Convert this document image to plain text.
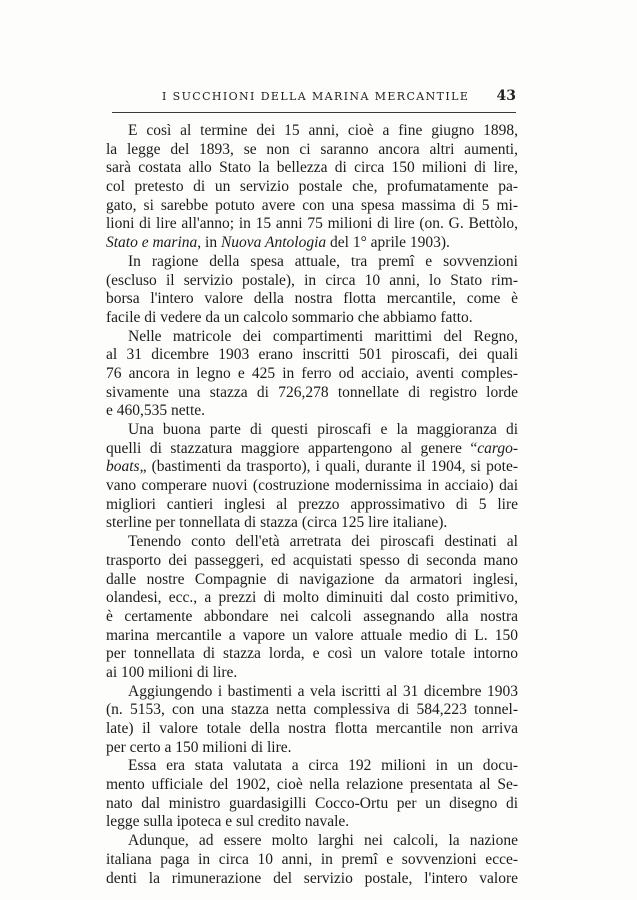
I SUCCHIONI DELLA MARINA MERCANTILE 43
E così al termine dei 15 anni, cioè a fine giugno 1898,
la legge del 1893, se non ci saranno ancora altri aumenti,
sarà costata allo Stato la bellezza di circa 150 milioni di lire,
col pretesto di un servizio postale che, profumatamente pa-
gato, si sarebbe potuto avere con una spesa massima di 5 mi-
lioni di lire all'anno; in 15 anni 75 milioni di lire (on. G. Bettòlo,
Stato e marina, in Nuova Antologia del 1° aprile 1903).
In ragione della spesa attuale, tra premî e sovvenzioni
(escluso il servizio postale), in circa 10 anni, lo Stato rim-
borsa l'intero valore della nostra flotta mercantile, come è
facile di vedere da un calcolo sommario che abbiamo fatto.
Nelle matricole dei compartimenti marittimi del Regno,
al 31 dicembre 1903 erano inscritti 501 piroscafi, dei quali
76 ancora in legno e 425 in ferro od acciaio, aventi comples-
sivamente una stazza di 726,278 tonnellate di registro lorde
e 460,535 nette.
Una buona parte di questi piroscafi e la maggioranza di
quelli di stazzatura maggiore appartengono al genere “cargo-
boats„ (bastimenti da trasporto), i quali, durante il 1904, si pote-
vano comperare nuovi (costruzione modernissima in acciaio) dai
migliori cantieri inglesi al prezzo approssimativo di 5 lire
sterline per tonnellata di stazza (circa 125 lire italiane).
Tenendo conto dell'età arretrata dei piroscafi destinati al
trasporto dei passeggeri, ed acquistati spesso di seconda mano
dalle nostre Compagnie di navigazione da armatori inglesi,
olandesi, ecc., a prezzi di molto diminuiti dal costo primitivo,
è certamente abbondare nei calcoli assegnando alla nostra
marina mercantile a vapore un valore attuale medio di L. 150
per tonnellata di stazza lorda, e così un valore totale intorno
ai 100 milioni di lire.
Aggiungendo i bastimenti a vela iscritti al 31 dicembre 1903
(n. 5153, con una stazza netta complessiva di 584,223 tonnel-
late) il valore totale della nostra flotta mercantile non arriva
per certo a 150 milioni di lire.
Essa era stata valutata a circa 192 milioni in un docu-
mento ufficiale del 1902, cioè nella relazione presentata al Se-
nato dal ministro guardasigilli Cocco-Ortu per un disegno di
legge sulla ipoteca e sul credito navale.
Adunque, ad essere molto larghi nei calcoli, la nazione
italiana paga in circa 10 anni, in premî e sovvenzioni ecce-
denti la rimunerazione del servizio postale, l'intero valore
